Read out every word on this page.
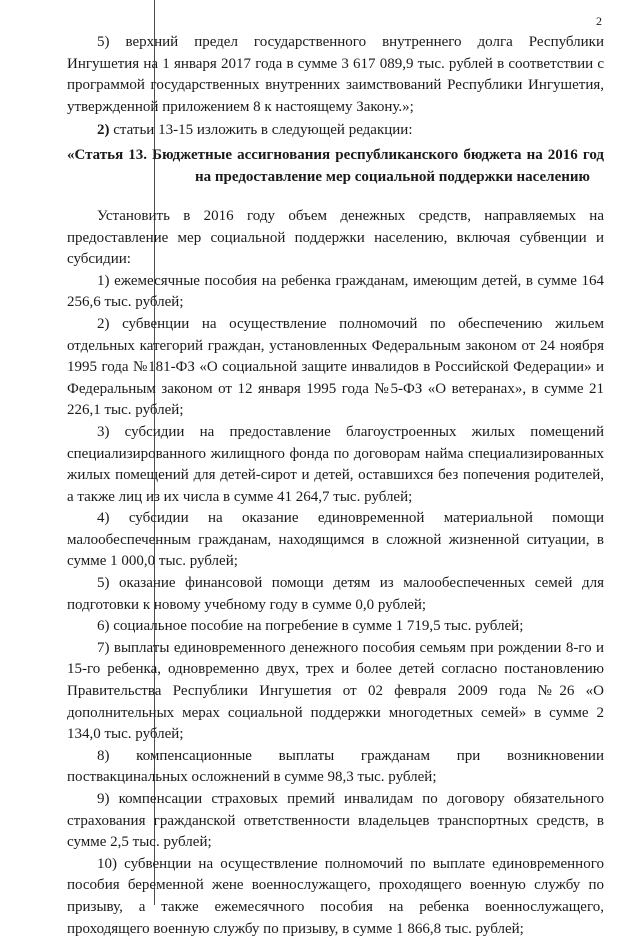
2

5) верхний предел государственного внутреннего долга Республики Ингушетия на 1 января 2017 года в сумме 3 617 089,9 тыс. рублей в соответствии с программой государственных внутренних заимствований Республики Ингушетия, утвержденной приложением 8 к настоящему Закону.»;

2) статьи 13-15 изложить в следующей редакции:

«Статья 13. Бюджетные ассигнования республиканского бюджета на 2016 год на предоставление мер социальной поддержки населению

Установить в 2016 году объем денежных средств, направляемых на предоставление мер социальной поддержки населению, включая субвенции и субсидии:

1) ежемесячные пособия на ребенка гражданам, имеющим детей, в сумме 164 256,6 тыс. рублей;

2) субвенции на осуществление полномочий по обеспечению жильем отдельных категорий граждан, установленных Федеральным законом от 24 ноября 1995 года №181-ФЗ «О социальной защите инвалидов в Российской Федерации» и Федеральным законом от 12 января 1995 года №5-ФЗ «О ветеранах», в сумме 21 226,1 тыс. рублей;

3) субсидии на предоставление благоустроенных жилых помещений специализированного жилищного фонда по договорам найма специализированных жилых помещений для детей-сирот и детей, оставшихся без попечения родителей, а также лиц из их числа в сумме 41 264,7 тыс. рублей;

4) субсидии на оказание единовременной материальной помощи малообеспеченным гражданам, находящимся в сложной жизненной ситуации, в сумме 1 000,0 тыс. рублей;

5) оказание финансовой помощи детям из малообеспеченных семей для подготовки к новому учебному году в сумме 0,0 рублей;

6) социальное пособие на погребение в сумме 1 719,5 тыс. рублей;

7) выплаты единовременного денежного пособия семьям при рождении 8-го и 15-го ребенка, одновременно двух, трех и более детей согласно постановлению Правительства Республики Ингушетия от 02 февраля 2009 года №26 «О дополнительных мерах социальной поддержки многодетных семей» в сумме 2 134,0 тыс. рублей;

8) компенсационные выплаты гражданам при возникновении поствакцинальных осложнений в сумме 98,3 тыс. рублей;

9) компенсации страховых премий инвалидам по договору обязательного страхования гражданской ответственности владельцев транспортных средств, в сумме 2,5 тыс. рублей;

10) субвенции на осуществление полномочий по выплате единовременного пособия беременной жене военнослужащего, проходящего военную службу по призыву, а также ежемесячного пособия на ребенка военнослужащего, проходящего военную службу по призыву, в сумме 1 866,8 тыс. рублей;
